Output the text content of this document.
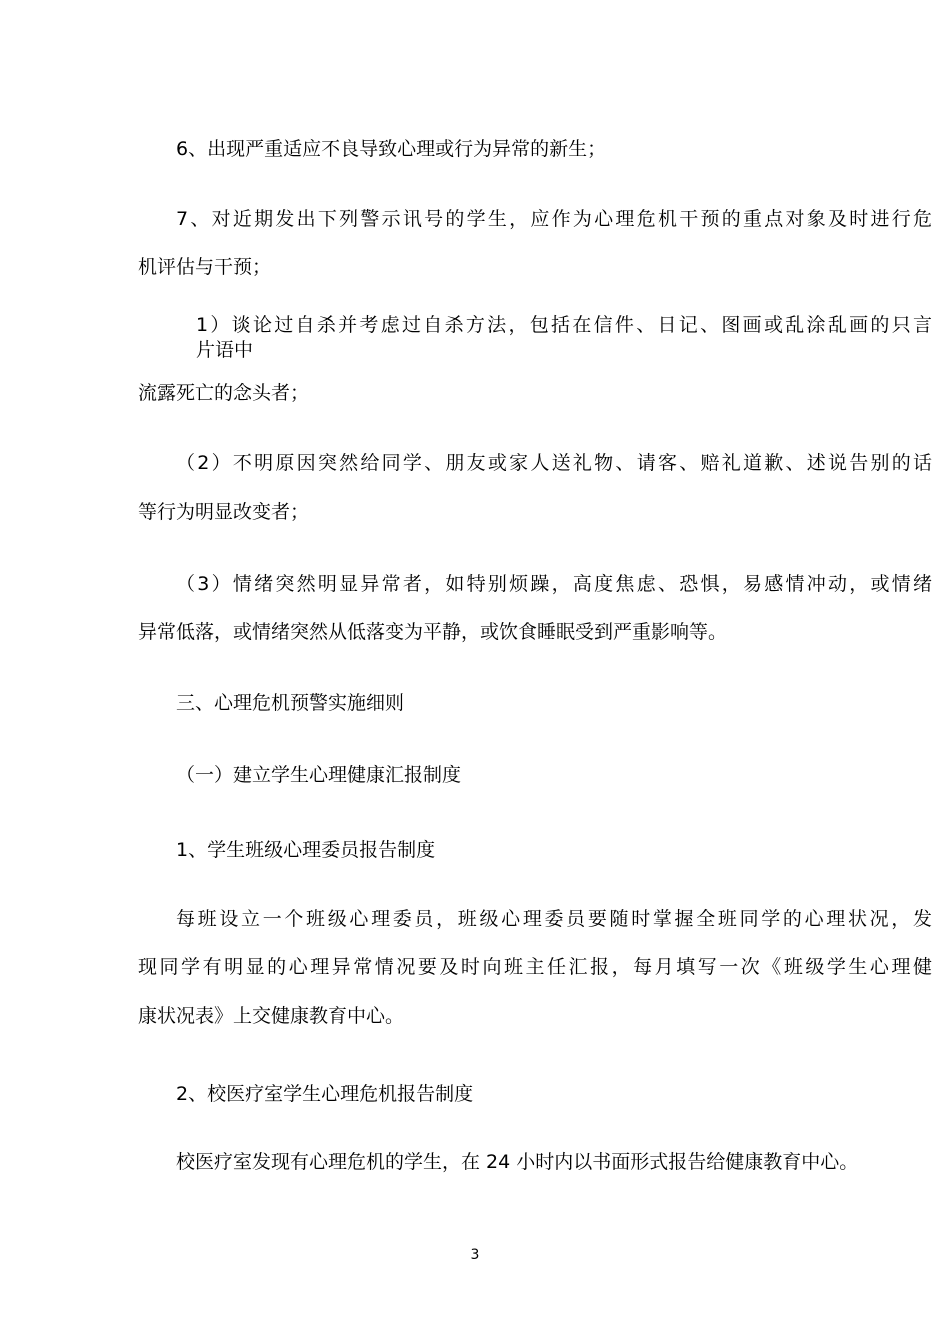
6、出现严重适应不良导致心理或行为异常的新生；
7、对近期发出下列警示讯号的学生，应作为心理危机干预的重点对象及时进行危
机评估与干预；
1）谈论过自杀并考虑过自杀方法，包括在信件、日记、图画或乱涂乱画的只言
片语中
流露死亡的念头者；
（2）不明原因突然给同学、朋友或家人送礼物、请客、赔礼道歉、述说告别的话
等行为明显改变者；
（3）情绪突然明显异常者，如特别烦躁，高度焦虑、恐惧，易感情冲动，或情绪
异常低落，或情绪突然从低落变为平静，或饮食睡眠受到严重影响等。
三、心理危机预警实施细则
（一）建立学生心理健康汇报制度
1、学生班级心理委员报告制度
每班设立一个班级心理委员，班级心理委员要随时掌握全班同学的心理状况，发
现同学有明显的心理异常情况要及时向班主任汇报，每月填写一次《班级学生心理健
康状况表》上交健康教育中心。
2、校医疗室学生心理危机报告制度
校医疗室发现有心理危机的学生，在 24 小时内以书面形式报告给健康教育中心。
3
